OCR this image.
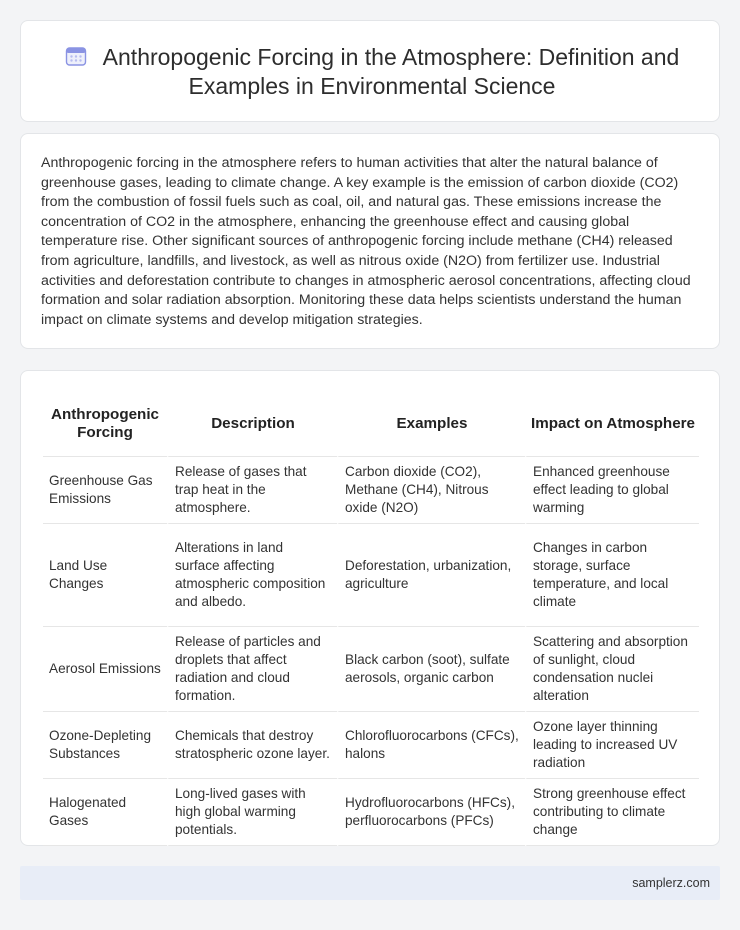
Anthropogenic Forcing in the Atmosphere: Definition and Examples in Environmental Science

Anthropogenic forcing in the atmosphere refers to human activities that alter the natural balance of greenhouse gases, leading to climate change. A key example is the emission of carbon dioxide (CO2) from the combustion of fossil fuels such as coal, oil, and natural gas. These emissions increase the concentration of CO2 in the atmosphere, enhancing the greenhouse effect and causing global temperature rise. Other significant sources of anthropogenic forcing include methane (CH4) released from agriculture, landfills, and livestock, as well as nitrous oxide (N2O) from fertilizer use. Industrial activities and deforestation contribute to changes in atmospheric aerosol concentrations, affecting cloud formation and solar radiation absorption. Monitoring these data helps scientists understand the human impact on climate systems and develop mitigation strategies.

Anthropogenic Forcing	Description	Examples	Impact on Atmosphere
Greenhouse Gas Emissions	Release of gases that trap heat in the atmosphere.	Carbon dioxide (CO2), Methane (CH4), Nitrous oxide (N2O)	Enhanced greenhouse effect leading to global warming
Land Use Changes	Alterations in land surface affecting atmospheric composition and albedo.	Deforestation, urbanization, agriculture	Changes in carbon storage, surface temperature, and local climate
Aerosol Emissions	Release of particles and droplets that affect radiation and cloud formation.	Black carbon (soot), sulfate aerosols, organic carbon	Scattering and absorption of sunlight, cloud condensation nuclei alteration
Ozone-Depleting Substances	Chemicals that destroy stratospheric ozone layer.	Chlorofluorocarbons (CFCs), halons	Ozone layer thinning leading to increased UV radiation
Halogenated Gases	Long-lived gases with high global warming potentials.	Hydrofluorocarbons (HFCs), perfluorocarbons (PFCs)	Strong greenhouse effect contributing to climate change
samplerz.com
